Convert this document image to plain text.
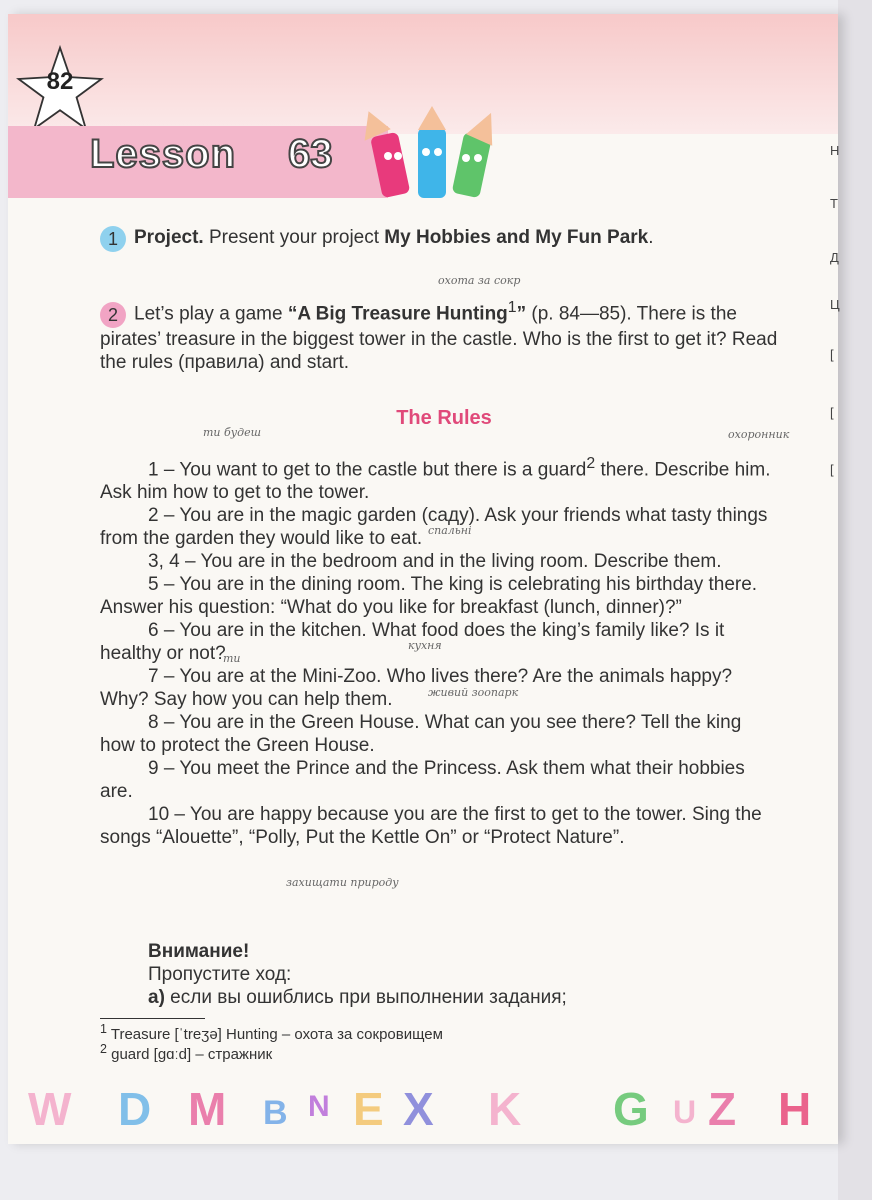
82
Lesson 63
охота за сокр
ти будеш	охоронник
спальні
кухня
ти
живий зоопарк
захищати природу
1 Project. Present your project My Hobbies and My Fun Park.
2 Let’s play a game “A Big Treasure Hunting$^1$” (p. 84—85). There is the pirates’ treasure in the biggest tower in the castle. Who is the first to get it? Read the rules (правила) and start.
The Rules
1 – You want to get to the castle but there is a guard$^2$ there. Describe him. Ask him how to get to the tower.
2 – You are in the magic garden (саду). Ask your friends what tasty things from the garden they would like to eat.
3, 4 – You are in the bedroom and in the living room. Describe them.
5 – You are in the dining room. The king is celebrating his birthday there. Answer his question: “What do you like for breakfast (lunch, dinner)?”
6 – You are in the kitchen. What food does the king’s family like? Is it healthy or not?
7 – You are at the Mini-Zoo. Who lives there? Are the animals happy? Why? Say how you can help them.
8 – You are in the Green House. What can you see there? Tell the king how to protect the Green House.
9 – You meet the Prince and the Princess. Ask them what their hobbies are.
10 – You are happy because you are the first to get to the tower. Sing the songs “Alouette”, “Polly, Put the Kettle On” or “Protect Nature”.
Внимание!
Пропустите ход:
а) если вы ошиблись при выполнении задания;
$^1$ Treasure [ˈtreʒə] Hunting – охота за сокровищем
$^2$ guard [ɡɑːd] – стражник
W D M B N E X K G U Z H
Н
Т
Д
Ц
[
[
[
